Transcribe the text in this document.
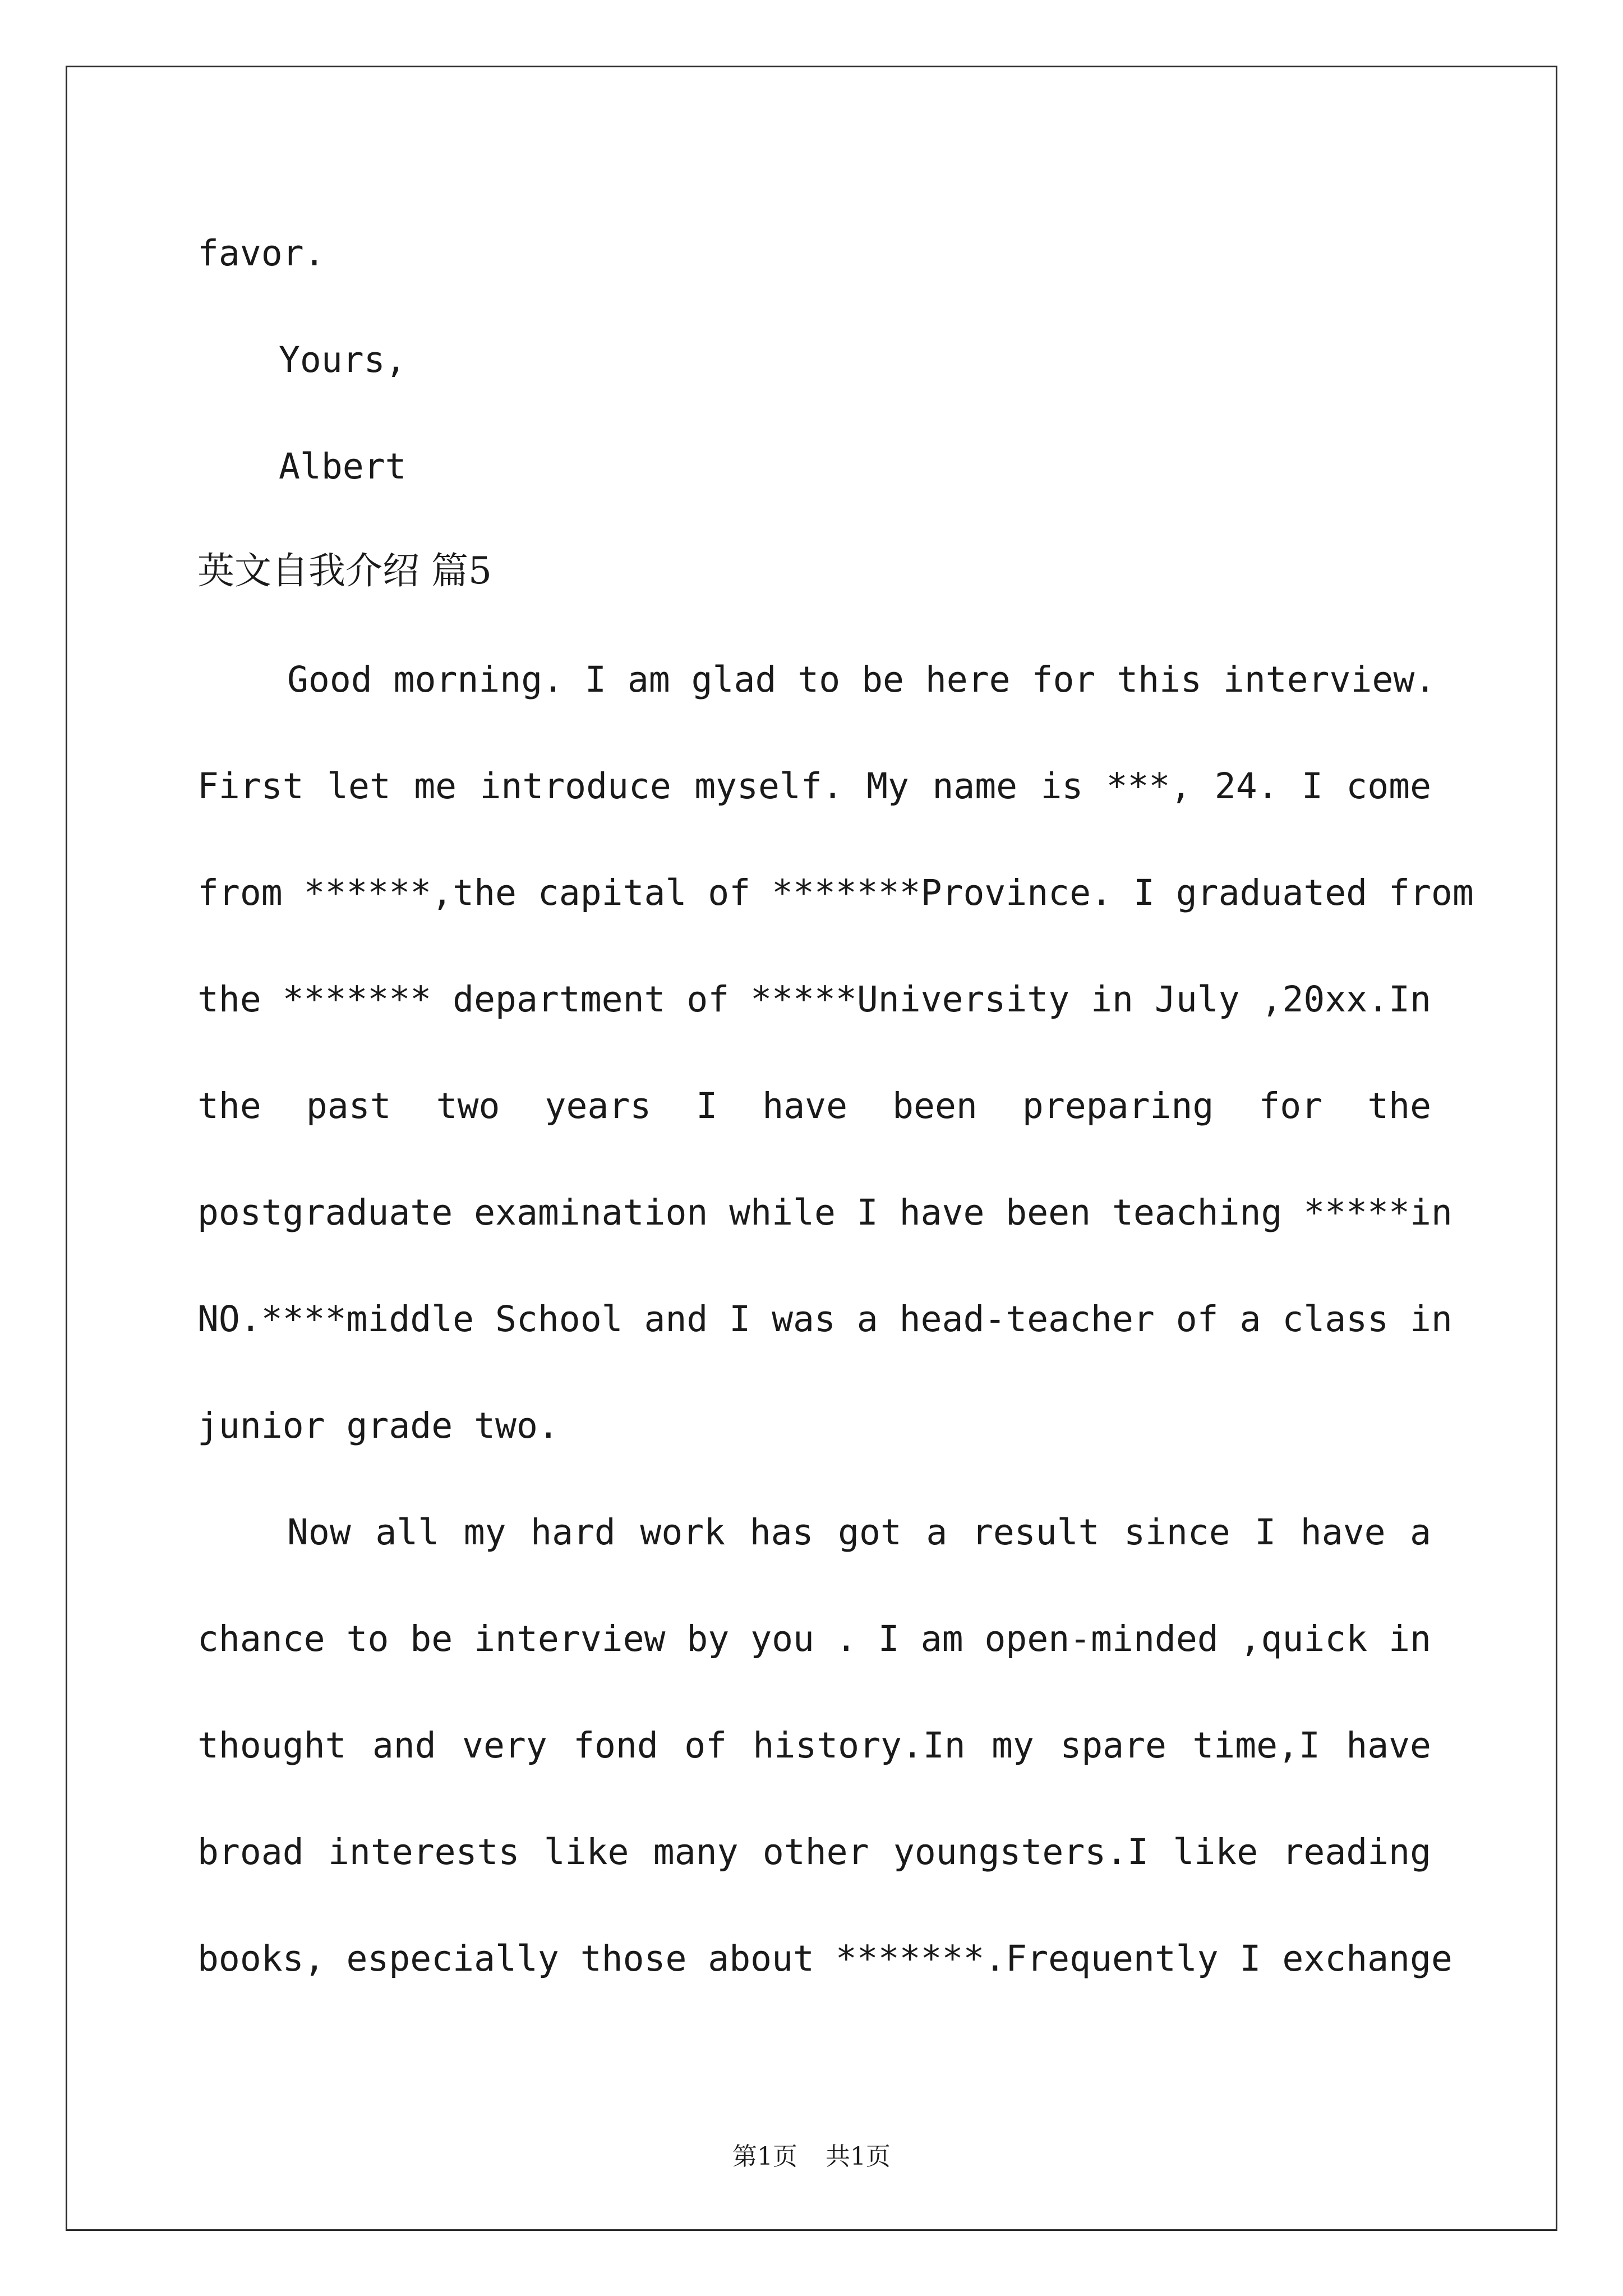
favor.
Yours,
Albert
英文自我介绍 篇5
Good morning. I am glad to be here for this interview.
First let me introduce myself. My name is ***, 24. I come
from ******,the capital of *******Province. I graduated from
the ******* department of *****University in July ,20xx.In
the past two years I have been preparing for the
postgraduate examination while I have been teaching *****in
NO.****middle School and I was a head-teacher of a class in
junior grade two.
Now all my hard work has got a result since I have a
chance to be interview by you . I am open-minded ,quick in
thought and very fond of history.In my spare time,I have
broad interests like many other youngsters.I like reading
books, especially those about *******.Frequently I exchange
第1页 共1页
